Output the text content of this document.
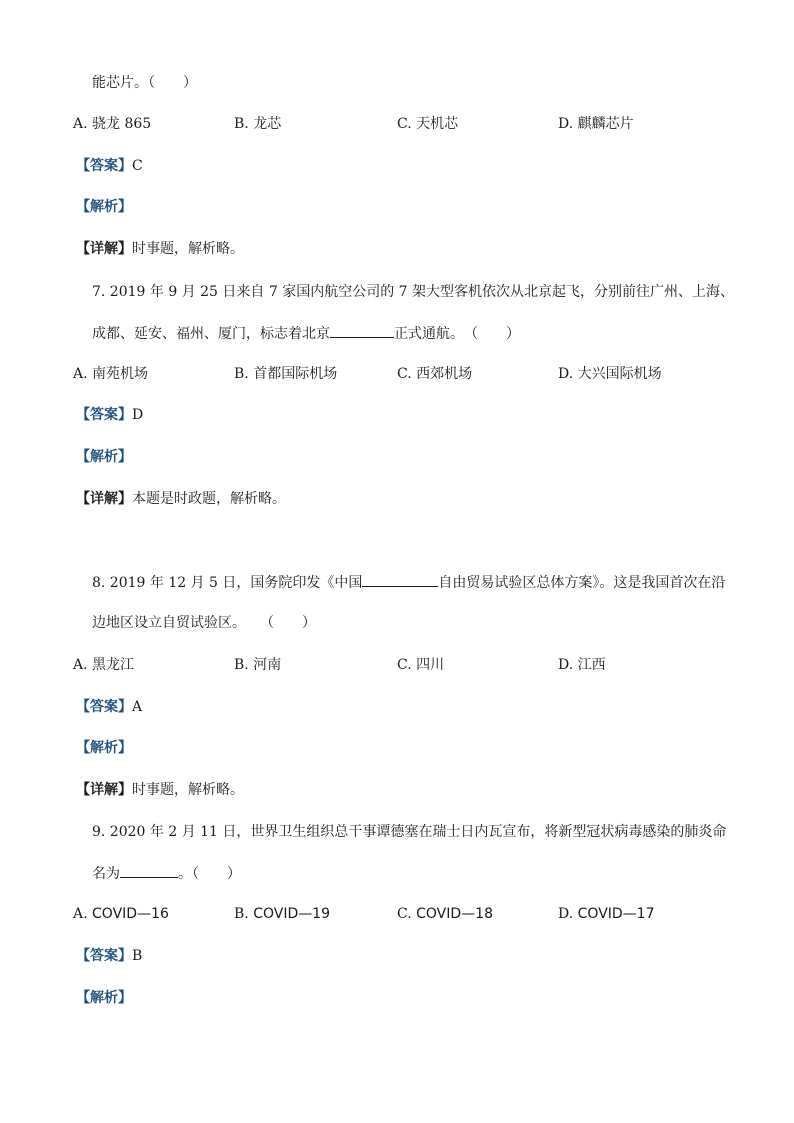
能芯片。（　　）
A. 骁龙 865	B. 龙芯	C. 天机芯	D. 麒麟芯片
【答案】C
【解析】
【详解】时事题，解析略。
7. 2019 年 9 月 25 日来自 7 家国内航空公司的 7 架大型客机依次从北京起飞，分别前往广州、上海、
成都、延安、福州、厦门，标志着北京	正式通航。　（　　）
A. 南苑机场	B. 首都国际机场	C. 西郊机场	D. 大兴国际机场
【答案】D
【解析】
【详解】本题是时政题，解析略。
8. 2019 年 12 月 5 日，国务院印发《中国	自由贸易试验区总体方案》。这是我国首次在沿
边地区设立自贸试验区。　　（　　）
A. 黑龙江	B. 河南	C. 四川	D. 江西
【答案】A
【解析】
【详解】时事题，解析略。
9. 2020 年 2 月 11 日，世界卫生组织总干事谭德塞在瑞士日内瓦宣布，将新型冠状病毒感染的肺炎命
名为	。（　　）
A. COVID—16	B. COVID—19	C. COVID—18	D. COVID—17
【答案】B
【解析】
